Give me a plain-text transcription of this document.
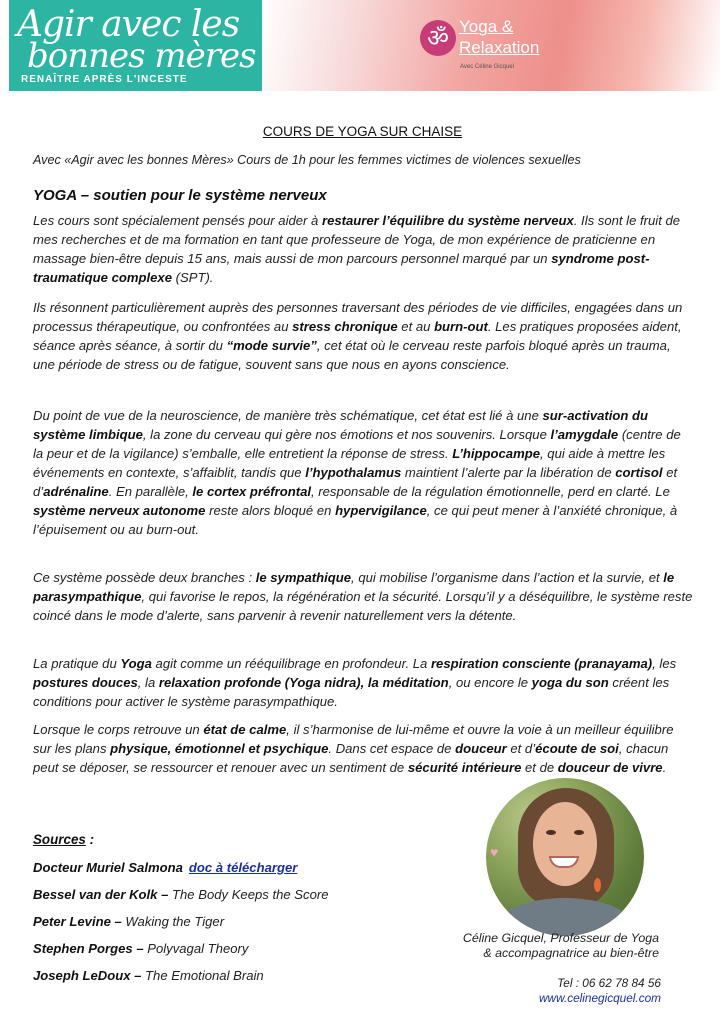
Agir avec les
bonnes mères
RENAÎTRE APRÈS L'INCESTE
ॐ Yoga &
Relaxation
Avec Céline Gicquel
COURS DE YOGA SUR CHAISE
Avec «Agir avec les bonnes Mères» Cours de 1h pour les femmes victimes de violences sexuelles
YOGA – soutien pour le système nerveux

Les cours sont spécialement pensés pour aider à restaurer l’équilibre du système nerveux. Ils sont le fruit de mes recherches et de ma formation en tant que professeure de Yoga, de mon expérience de praticienne en massage bien-être depuis 15 ans, mais aussi de mon parcours personnel marqué par un syndrome post-traumatique complexe (SPT).

Ils résonnent particulièrement auprès des personnes traversant des périodes de vie difficiles, engagées dans un processus thérapeutique, ou confrontées au stress chronique et au burn-out. Les pratiques proposées aident, séance après séance, à sortir du “mode survie”, cet état où le cerveau reste parfois bloqué après un trauma, une période de stress ou de fatigue, souvent sans que nous en ayons conscience.

Du point de vue de la neuroscience, de manière très schématique, cet état est lié à une sur-activation du système limbique, la zone du cerveau qui gère nos émotions et nos souvenirs. Lorsque l’amygdale (centre de la peur et de la vigilance) s’emballe, elle entretient la réponse de stress. L’hippocampe, qui aide à mettre les événements en contexte, s’affaiblit, tandis que l’hypothalamus maintient l’alerte par la libération de cortisol et d’adrénaline. En parallèle, le cortex préfrontal, responsable de la régulation émotionnelle, perd en clarté. Le système nerveux autonome reste alors bloqué en hypervigilance, ce qui peut mener à l’anxiété chronique, à l’épuisement ou au burn-out.

Ce système possède deux branches : le sympathique, qui mobilise l’organisme dans l’action et la survie, et le parasympathique, qui favorise le repos, la régénération et la sécurité. Lorsqu’il y a déséquilibre, le système reste coincé dans le mode d’alerte, sans parvenir à revenir naturellement vers la détente.

La pratique du Yoga agit comme un rééquilibrage en profondeur. La respiration consciente (pranayama), les postures douces, la relaxation profonde (Yoga nidra), la méditation, ou encore le yoga du son créent les conditions pour activer le système parasympathique.

Lorsque le corps retrouve un état de calme, il s’harmonise de lui-même et ouvre la voie à un meilleur équilibre sur les plans physique, émotionnel et psychique. Dans cet espace de douceur et d’écoute de soi, chacun peut se déposer, se ressourcer et renouer avec un sentiment de sécurité intérieure et de douceur de vivre.

Sources :
Docteur Muriel Salmona doc à télécharger
Bessel van der Kolk – The Body Keeps the Score
Peter Levine – Waking the Tiger
Stephen Porges – Polyvagal Theory
Joseph LeDoux – The Emotional Brain
♥
Céline Gicquel, Professeur de Yoga
& accompagnatrice au bien-être
Tel : 06 62 78 84 56
www.celinegicquel.com
